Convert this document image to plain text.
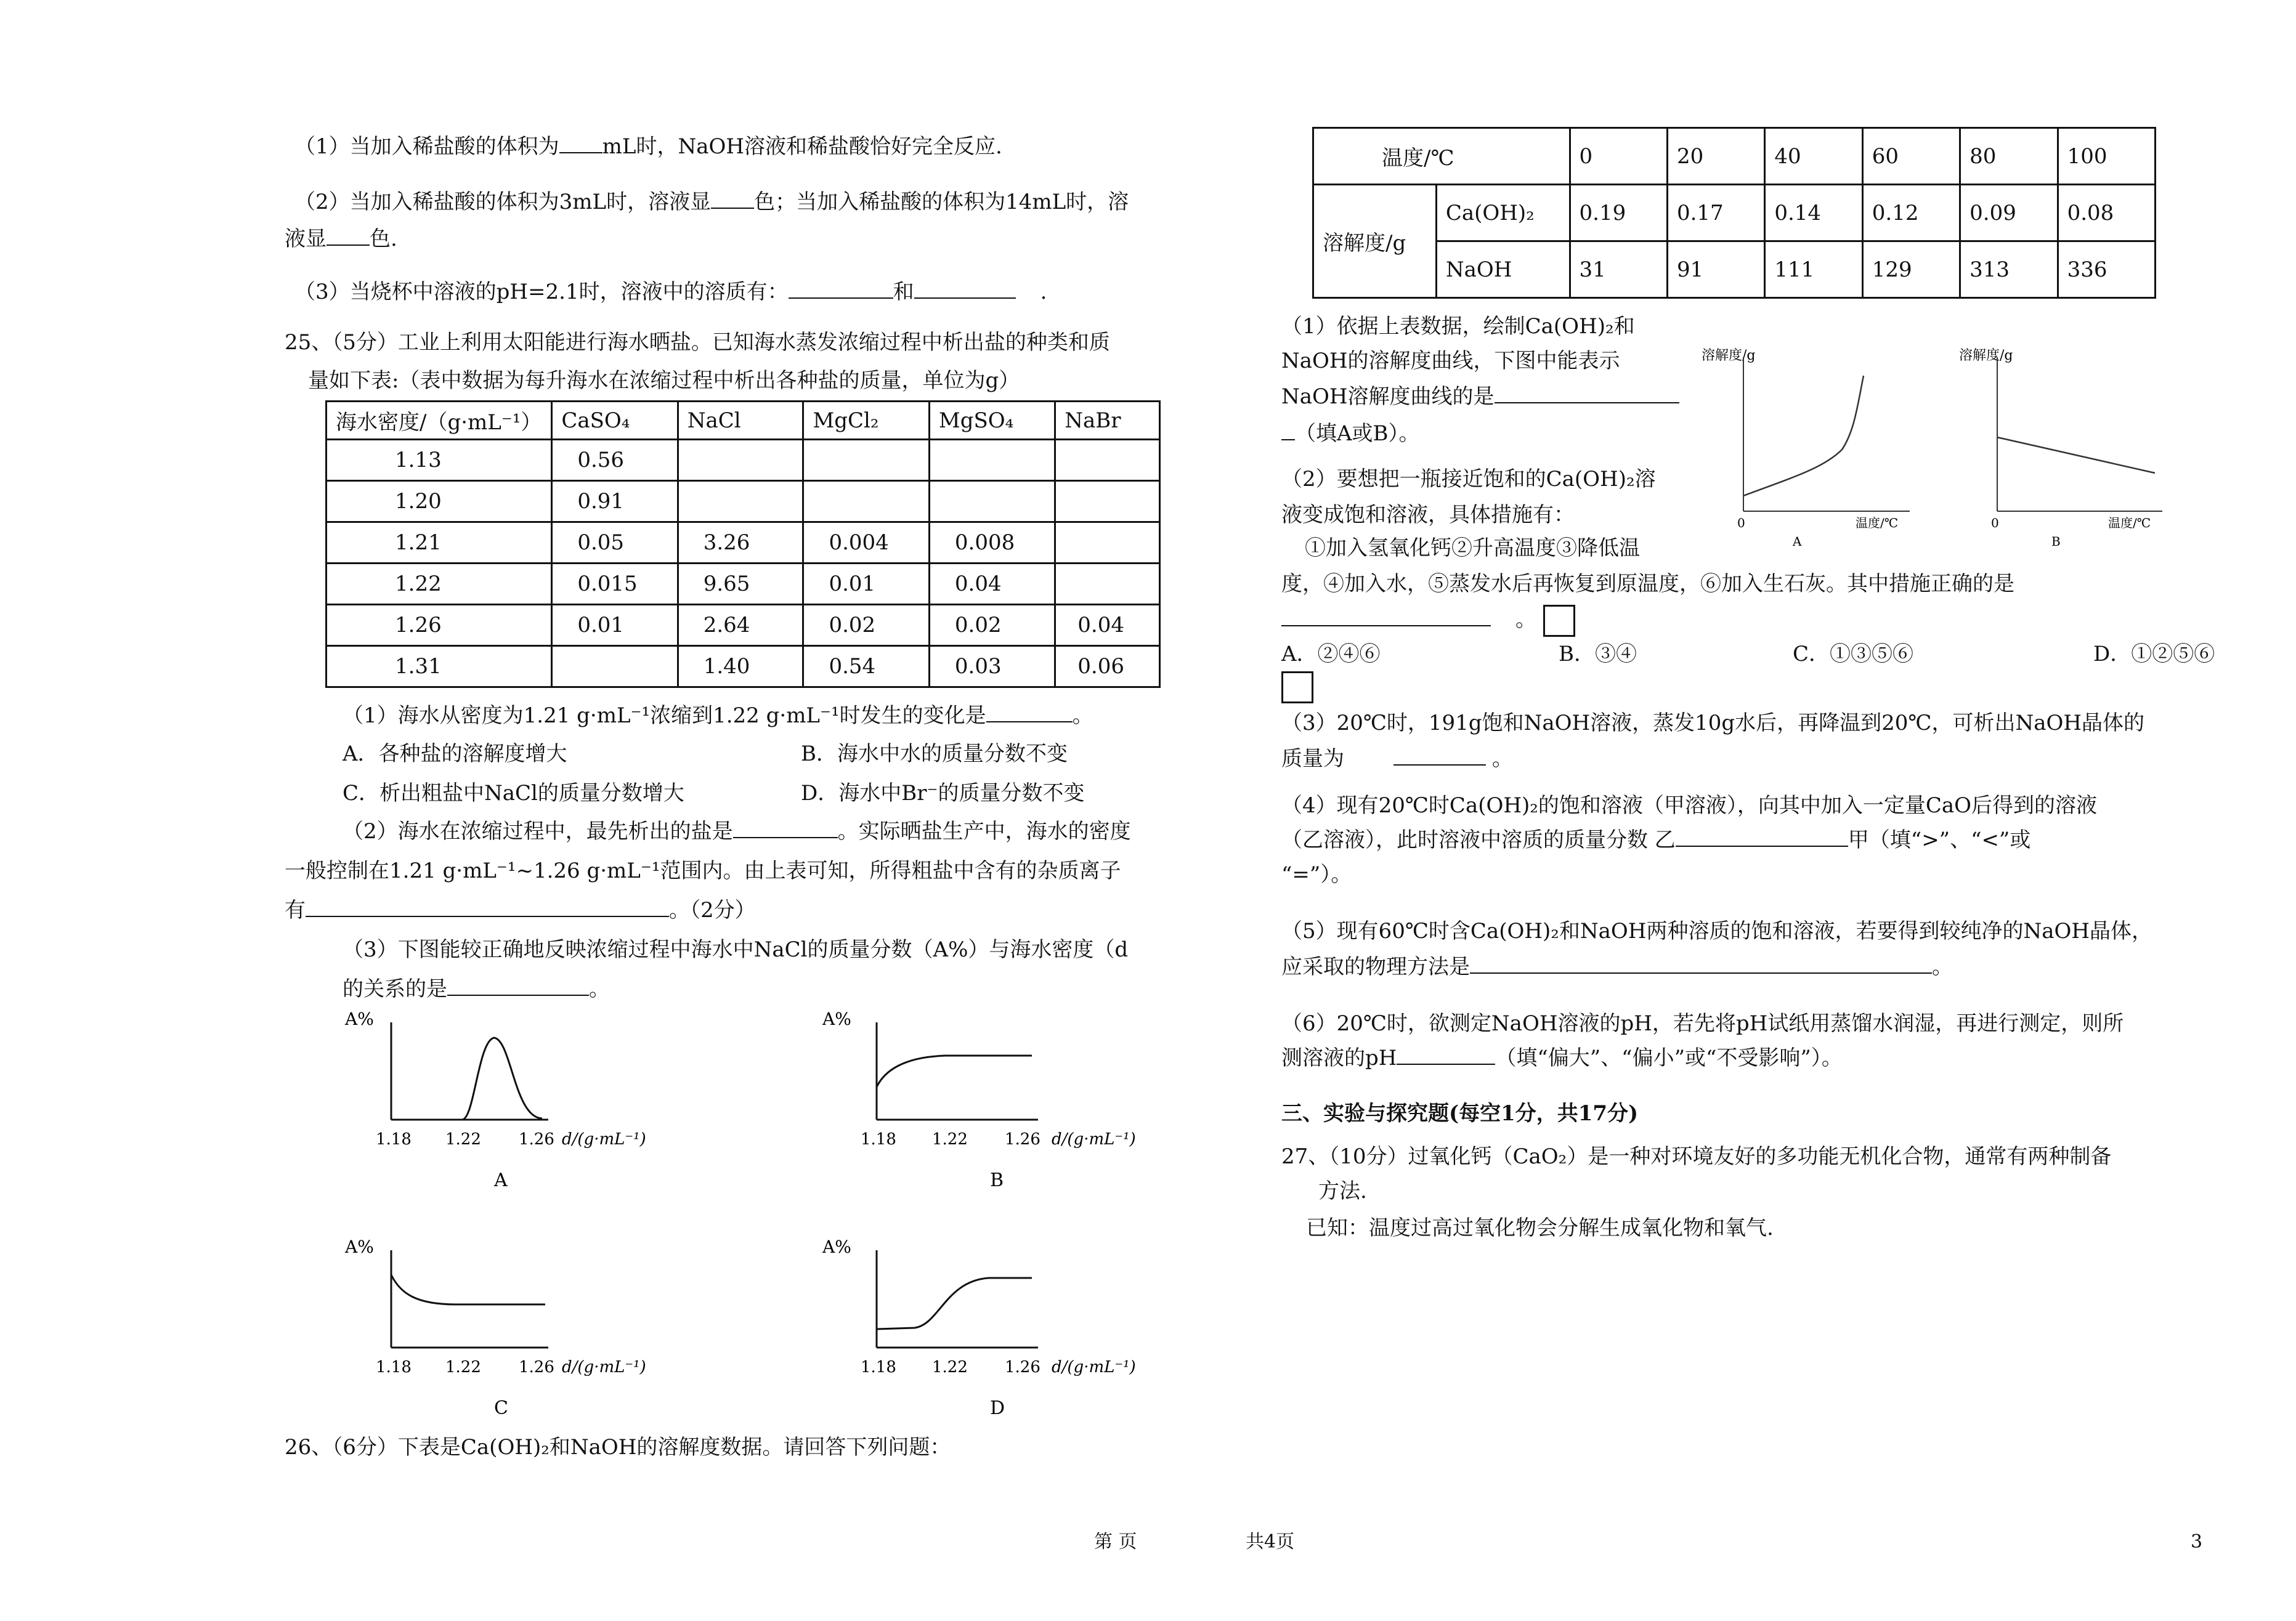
（1）当加入稀盐酸的体积为 mL时，NaOH溶液和稀盐酸恰好完全反应.
（2）当加入稀盐酸的体积为3mL时，溶液显 色；当加入稀盐酸的体积为14mL时，溶
液显 色.
（3）当烧杯中溶液的pH=2.1时，溶液中的溶质有：	和	.
25、（5分）工业上利用太阳能进行海水晒盐。已知海水蒸发浓缩过程中析出盐的种类和质
量如下表:（表中数据为每升海水在浓缩过程中析出各种盐的质量，单位为g）
海水密度/（g·mL⁻¹）	CaSO₄	NaCl	MgCl₂	MgSO₄	NaBr
1.13	0.56				
1.20	0.91				
1.21	0.05	3.26	0.004	0.008	
1.22	0.015	9.65	0.01	0.04	
1.26	0.01	2.64	0.02	0.02	0.04
1.31		1.40	0.54	0.03	0.06
（1）海水从密度为1.21 g·mL⁻¹浓缩到1.22 g·mL⁻¹时发生的变化是	。
A．各种盐的溶解度增大	B．海水中水的质量分数不变
C．析出粗盐中NaCl的质量分数增大	D．海水中Br⁻的质量分数不变
（2）海水在浓缩过程中，最先析出的盐是	。实际晒盐生产中，海水的密度
一般控制在1.21 g·mL⁻¹~1.26 g·mL⁻¹范围内。由上表可知，所得粗盐中含有的杂质离子
有	。（2分）
（3）下图能较正确地反映浓缩过程中海水中NaCl的质量分数（A%）与海水密度（d
的关系的是	。
A%
1.18 1.22 1.26 d/(g·mL⁻¹)
A
A%
1.18 1.22 1.26 d/(g·mL⁻¹)
C
A%
1.18 1.22 1.26 d/(g·mL⁻¹)
B
A%
1.18 1.22 1.26 d/(g·mL⁻¹)
D
26、（6分）下表是Ca(OH)₂和NaOH的溶解度数据。请回答下列问题：
温度/℃		0	20	40	60	80	100
溶解度/g	Ca(OH)₂	0.19	0.17	0.14	0.12	0.09	0.08
	NaOH	31	91	111	129	313	336
（1）依据上表数据，绘制Ca(OH)₂和
NaOH的溶解度曲线，下图中能表示
NaOH溶解度曲线的是
（填A或B）。
（2）要想把一瓶接近饱和的Ca(OH)₂溶
液变成饱和溶液，具体措施有：
①加入氢氧化钙②升高温度③降低温
度，④加入水，⑤蒸发水后再恢复到原温度，⑥加入生石灰。其中措施正确的是
。
A．②④⑥	B．③④	C．①③⑤⑥	D．①②⑤⑥
溶解度/g
0	温度/℃
A
溶解度/g
0	温度/℃
B
（3）20℃时，191g饱和NaOH溶液，蒸发10g水后，再降温到20℃，可析出NaOH晶体的
质量为	。
（4）现有20℃时Ca(OH)₂的饱和溶液（甲溶液），向其中加入一定量CaO后得到的溶液
（乙溶液），此时溶液中溶质的质量分数 乙	甲（填“>”、“<”或
“=”）。
（5）现有60℃时含Ca(OH)₂和NaOH两种溶质的饱和溶液，若要得到较纯净的NaOH晶体，
应采取的物理方法是	。
（6）20℃时，欲测定NaOH溶液的pH，若先将pH试纸用蒸馏水润湿，再进行测定，则所
测溶液的pH	（填“偏大”、“偏小”或“不受影响”）。
三、实验与探究题(每空1分，共17分)
27、（10分）过氧化钙（CaO₂）是一种对环境友好的多功能无机化合物，通常有两种制备
方法.
已知：温度过高过氧化物会分解生成氧化物和氧气.
第 页	共4页	3
